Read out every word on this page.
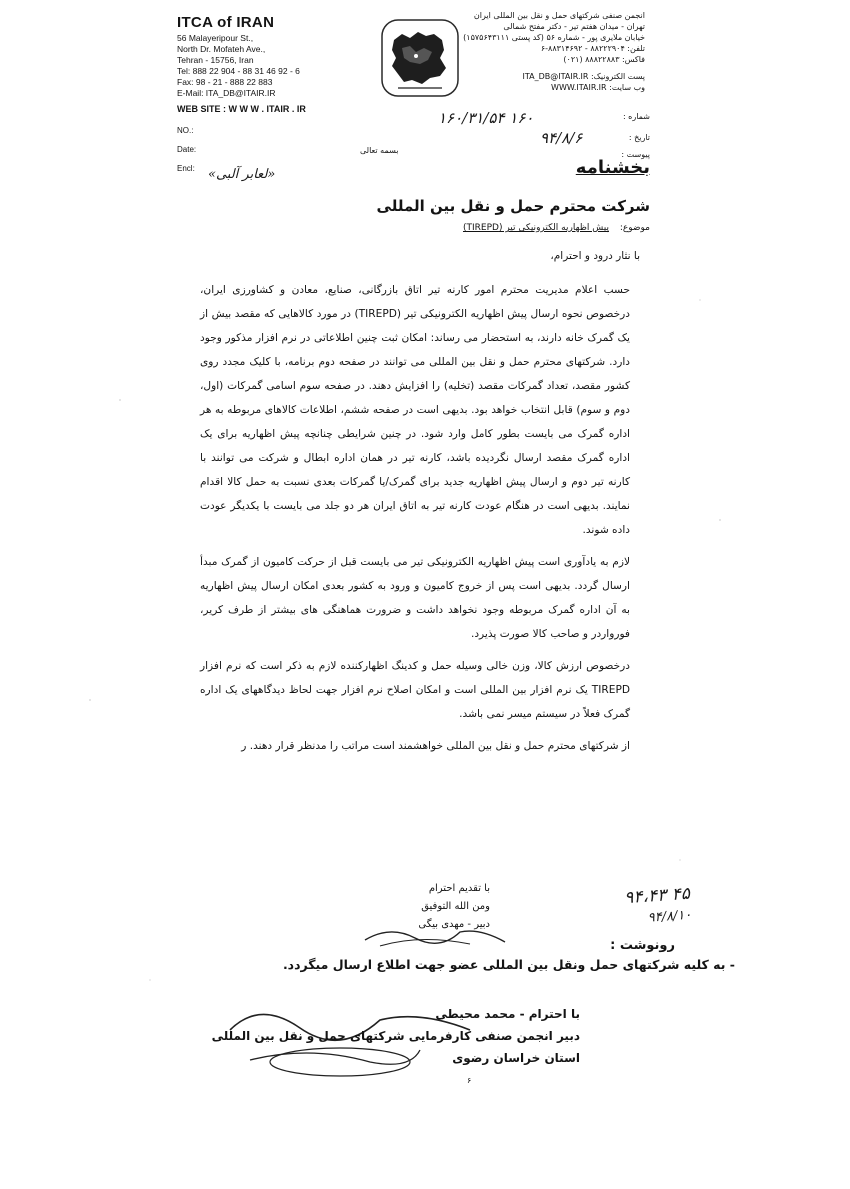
ITCA of IRAN
56 Malayeripour St.,
North Dr. Mofateh Ave.,
Tehran - 15756, Iran
Tel: 888 22 904 - 88 31 46 92 - 6
Fax: 98 - 21 - 888 22 883
E-Mail: ITA_DB@ITAIR.IR
WEB SITE : W W W . ITAIR . IR
انجمن صنفی شرکتهای حمل و نقل بین المللی ایران
تهران - میدان هفتم تیر - دکتر مفتح شمالی
خیابان ملایری پور - شماره ۵۶ (کد پستی ۱۵۷۵۶۴۳۱۱۱)
تلفن: ۸۸۲۲۲۹۰۴ - ۸۸۳۱۴۶۹۲-۶
فاکس: ۸۸۸۲۲۸۸۳ (۰۲۱)
پست الکترونیک: ITA_DB@ITAIR.IR
وب سایت: WWW.ITAIR.IR
NO.:
Date:
Encl:
شماره :
تاریخ :
پیوست :
۱۶۰/۳۱/۵۴ ۱۶۰
۹۴/۸/۶
بسمه تعالی
«لعابر آلبی»	بخشنامه
شرکت محترم حمل و نقل بین المللی
موضوع: پیش اظهاریه الکترونیکی تیر (TIREPD)
با نثار درود و احترام،

حسب اعلام مدیریت محترم امور کارنه تیر اتاق بازرگانی، صنایع، معادن و کشاورزی ایران، درخصوص نحوه ارسال پیش اظهاریه الکترونیکی تیر (TIREPD) در مورد کالاهایی که مقصد بیش از یک گمرک خانه دارند، به استحضار می رساند: امکان ثبت چنین اطلاعاتی در نرم افزار مذکور وجود دارد. شرکتهای محترم حمل و نقل بین المللی می توانند در صفحه دوم برنامه، با کلیک مجدد روی کشور مقصد، تعداد گمرکات مقصد (تخلیه) را افزایش دهند. در صفحه سوم اسامی گمرکات (اول، دوم و سوم) قابل انتخاب خواهد بود. بدیهی است در صفحه ششم، اطلاعات کالاهای مربوطه به هر اداره گمرک می بایست بطور کامل وارد شود. در چنین شرایطی چنانچه پیش اظهاریه برای یک اداره گمرک مقصد ارسال نگردیده باشد، کارنه تیر در همان اداره ابطال و شرکت می توانند با کارنه تیر دوم و ارسال پیش اظهاریه جدید برای گمرک/یا گمرکات بعدی نسبت به حمل کالا اقدام نمایند. بدیهی است در هنگام عودت کارنه تیر به اتاق ایران هر دو جلد می بایست با یکدیگر عودت داده شوند.

لازم به یادآوری است پیش اظهاریه الکترونیکی تیر می بایست قبل از حرکت کامیون از گمرک مبدأ ارسال گردد. بدیهی است پس از خروج کامیون و ورود به کشور بعدی امکان ارسال پیش اظهاریه به آن اداره گمرک مربوطه وجود نخواهد داشت و ضرورت هماهنگی های بیشتر از طرف کریر، فورواردر و صاحب کالا صورت پذیرد.

درخصوص ارزش کالا، وزن خالی وسیله حمل و کدینگ اظهارکننده لازم به ذکر است که نرم افزار TIREPD یک نرم افزار بین المللی است و امکان اصلاح نرم افزار جهت لحاظ دیدگاههای یک اداره گمرک فعلاً در سیستم میسر نمی باشد.

از شرکتهای محترم حمل و نقل بین المللی خواهشمند است مراتب را مدنظر قرار دهند. ر

با تقدیم احترام
ومن الله التوفیق
دبیر - مهدی بیگی
۹۴،۴۳ ۴۵
۹۴/۸/۱۰
رونوشت :
- به کلیه شرکتهای حمل ونقل بین المللی عضو جهت اطلاع ارسال میگردد.
با احترام - محمد محیطی
دبیر انجمن صنفی کارفرمایی شرکتهای حمل و نقل بین المللی
استان خراسان رضوی
۶
